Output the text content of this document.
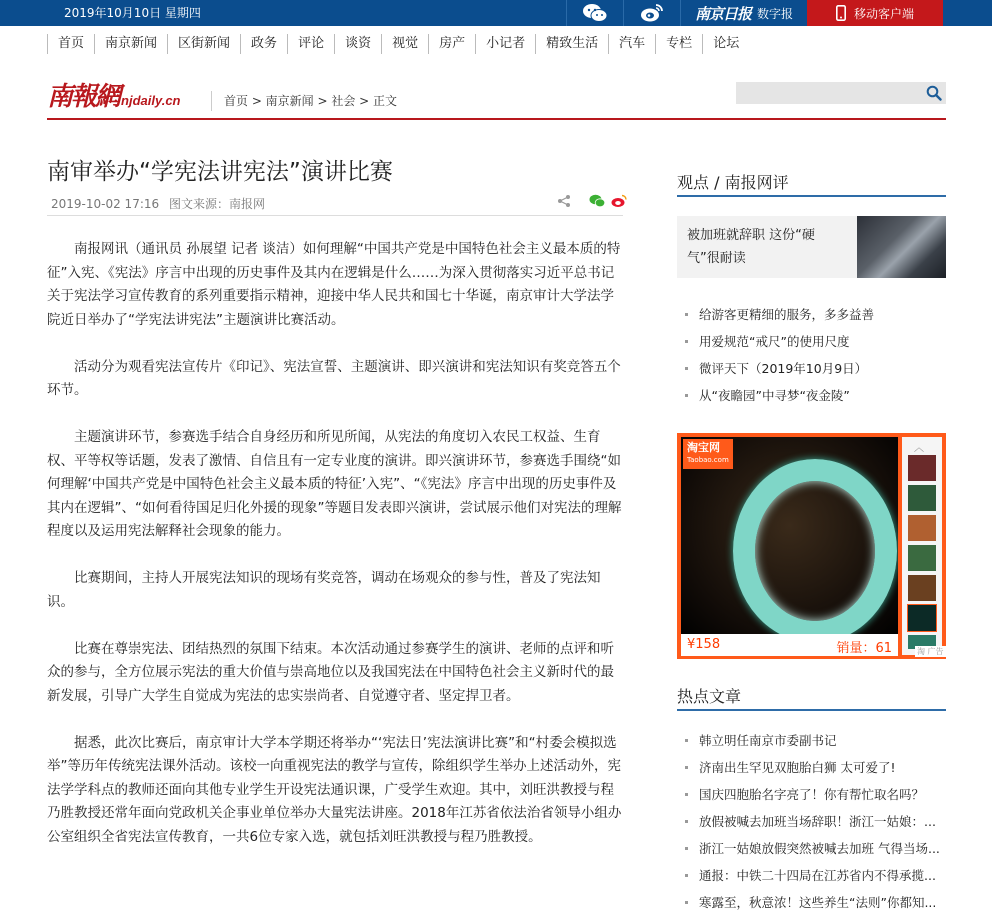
2019年10月10日 星期四	南京日报 数字报	移动客户端
首页	南京新闻	区街新闻	政务	评论	谈资	视觉	房产	小记者	精致生活	汽车	专栏	论坛
南報網 njdaily.cn	首页 > 南京新闻 > 社会 > 正文
南审举办“学宪法讲宪法”演讲比赛
2019-10-02 17:16 图文来源：南报网

南报网讯（通讯员 孙展望 记者 谈洁）如何理解“中国共产党是中国特色社会主义最本质的特征”入宪、《宪法》序言中出现的历史事件及其内在逻辑是什么……为深入贯彻落实习近平总书记关于宪法学习宣传教育的系列重要指示精神，迎接中华人民共和国七十华诞，南京审计大学法学院近日举办了“学宪法讲宪法”主题演讲比赛活动。

活动分为观看宪法宣传片《印记》、宪法宣誓、主题演讲、即兴演讲和宪法知识有奖竞答五个环节。

主题演讲环节，参赛选手结合自身经历和所见所闻，从宪法的角度切入农民工权益、生育权、平等权等话题，发表了激情、自信且有一定专业度的演讲。即兴演讲环节，参赛选手围绕“如何理解‘中国共产党是中国特色社会主义最本质的特征’入宪”、“《宪法》序言中出现的历史事件及其内在逻辑”、“如何看待国足归化外援的现象”等题目发表即兴演讲，尝试展示他们对宪法的理解程度以及运用宪法解释社会现象的能力。

比赛期间，主持人开展宪法知识的现场有奖竞答，调动在场观众的参与性，普及了宪法知识。

比赛在尊崇宪法、团结热烈的氛围下结束。本次活动通过参赛学生的演讲、老师的点评和听众的参与，全方位展示宪法的重大价值与崇高地位以及我国宪法在中国特色社会主义新时代的最新发展，引导广大学生自觉成为宪法的忠实崇尚者、自觉遵守者、坚定捍卫者。

据悉，此次比赛后，南京审计大学本学期还将举办“‘宪法日’宪法演讲比赛”和“村委会模拟选举”等历年传统宪法课外活动。该校一向重视宪法的教学与宣传，除组织学生举办上述活动外，宪法学学科点的教师还面向其他专业学生开设宪法通识课，广受学生欢迎。其中，刘旺洪教授与程乃胜教授还常年面向党政机关企事业单位举办大量宪法讲座。2018年江苏省依法治省领导小组办公室组织全省宪法宣传教育，一共6位专家入选，就包括刘旺洪教授与程乃胜教授。

观点 / 南报网评
被加班就辞职 这份“硬气”很耐读
给游客更精细的服务，多多益善
用爱规范“戒尺”的使用尺度
微评天下（2019年10月9日）
从“夜瞻园”中寻梦“夜金陵”
淘宝网
Taobao.com
¥158	销量：61
︿
淘 广告
热点文章
韩立明任南京市委副书记
济南出生罕见双胞胎白狮 太可爱了!
国庆四胞胎名字亮了！你有帮忙取名吗？
放假被喊去加班当场辞职！浙江一姑娘：...
浙江一姑娘放假突然被喊去加班 气得当场...
通报：中铁二十四局在江苏省内不得承揽...
寒露至，秋意浓！这些养生“法则”你都知...
